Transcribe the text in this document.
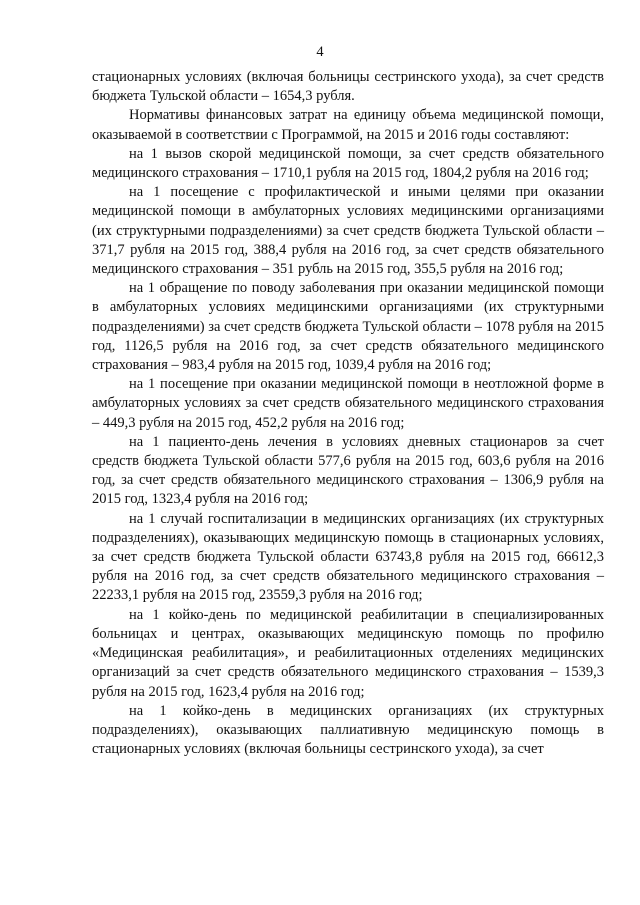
4

стационарных условиях (включая больницы сестринского ухода), за счет средств бюджета Тульской области – 1654,3 рубля.

Нормативы финансовых затрат на единицу объема медицинской помощи, оказываемой в соответствии с Программой, на 2015 и 2016 годы составляют:

на 1 вызов скорой медицинской помощи, за счет средств обязательного медицинского страхования – 1710,1 рубля на 2015 год, 1804,2 рубля на 2016 год;

на 1 посещение с профилактической и иными целями при оказании медицинской помощи в амбулаторных условиях медицинскими организациями (их структурными подразделениями) за счет средств бюджета Тульской области – 371,7 рубля на 2015 год, 388,4 рубля на 2016 год, за счет средств обязательного медицинского страхования – 351 рубль на 2015 год, 355,5 рубля на 2016 год;

на 1 обращение по поводу заболевания при оказании медицинской помощи в амбулаторных условиях медицинскими организациями (их структурными подразделениями) за счет средств бюджета Тульской области – 1078 рубля на 2015 год, 1126,5 рубля на 2016 год, за счет средств обязательного медицинского страхования – 983,4 рубля на 2015 год, 1039,4 рубля на 2016 год;

на 1 посещение при оказании медицинской помощи в неотложной форме в амбулаторных условиях за счет средств обязательного медицинского страхования – 449,3 рубля на 2015 год, 452,2 рубля на 2016 год;

на 1 пациенто-день лечения в условиях дневных стационаров за счет средств бюджета Тульской области 577,6 рубля на 2015 год, 603,6 рубля на 2016 год, за счет средств обязательного медицинского страхования – 1306,9 рубля на 2015 год, 1323,4 рубля на 2016 год;

на 1 случай госпитализации в медицинских организациях (их структурных подразделениях), оказывающих медицинскую помощь в стационарных условиях, за счет средств бюджета Тульской области 63743,8 рубля на 2015 год, 66612,3 рубля на 2016 год, за счет средств обязательного медицинского страхования – 22233,1 рубля на 2015 год, 23559,3 рубля на 2016 год;

на 1 койко-день по медицинской реабилитации в специализированных больницах и центрах, оказывающих медицинскую помощь по профилю «Медицинская реабилитация», и реабилитационных отделениях медицинских организаций за счет средств обязательного медицинского страхования – 1539,3 рубля на 2015 год, 1623,4 рубля на 2016 год;

на 1 койко-день в медицинских организациях (их структурных подразделениях), оказывающих паллиативную медицинскую помощь в стационарных условиях (включая больницы сестринского ухода), за счет
